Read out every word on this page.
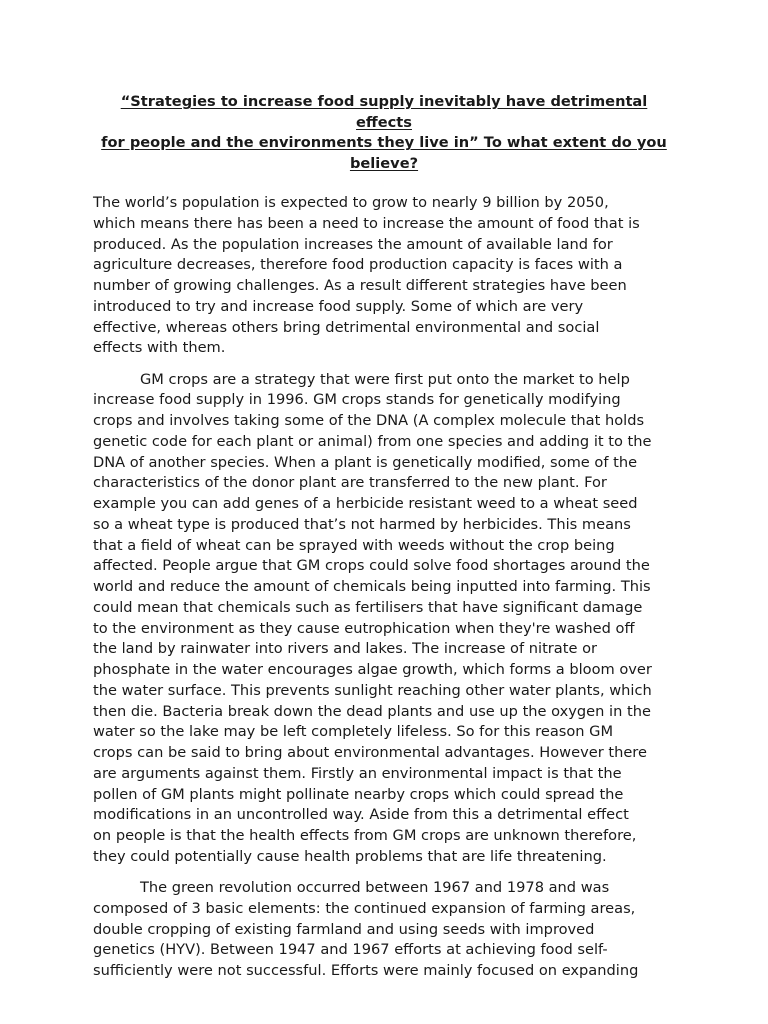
“Strategies to increase food supply inevitably have detrimental effects
for people and the environments they live in” To what extent do you
believe?

The world’s population is expected to grow to nearly 9 billion by 2050,
which means there has been a need to increase the amount of food that is
produced. As the population increases the amount of available land for
agriculture decreases, therefore food production capacity is faces with a
number of growing challenges. As a result different strategies have been
introduced to try and increase food supply. Some of which are very
effective, whereas others bring detrimental environmental and social
effects with them.

GM crops are a strategy that were first put onto the market to help
increase food supply in 1996. GM crops stands for genetically modifying
crops and involves taking some of the DNA (A complex molecule that holds
genetic code for each plant or animal) from one species and adding it to the
DNA of another species. When a plant is genetically modified, some of the
characteristics of the donor plant are transferred to the new plant. For
example you can add genes of a herbicide resistant weed to a wheat seed
so a wheat type is produced that’s not harmed by herbicides. This means
that a field of wheat can be sprayed with weeds without the crop being
affected. People argue that GM crops could solve food shortages around the
world and reduce the amount of chemicals being inputted into farming. This
could mean that chemicals such as fertilisers that have significant damage
to the environment as they cause eutrophication when they're washed off
the land by rainwater into rivers and lakes. The increase of nitrate or
phosphate in the water encourages algae growth, which forms a bloom over
the water surface. This prevents sunlight reaching other water plants, which
then die. Bacteria break down the dead plants and use up the oxygen in the
water so the lake may be left completely lifeless. So for this reason GM
crops can be said to bring about environmental advantages. However there
are arguments against them. Firstly an environmental impact is that the
pollen of GM plants might pollinate nearby crops which could spread the
modifications in an uncontrolled way. Aside from this a detrimental effect
on people is that the health effects from GM crops are unknown therefore,
they could potentially cause health problems that are life threatening.

The green revolution occurred between 1967 and 1978 and was
composed of 3 basic elements: the continued expansion of farming areas,
double cropping of existing farmland and using seeds with improved
genetics (HYV). Between 1947 and 1967 efforts at achieving food self-
sufficiently were not successful. Efforts were mainly focused on expanding
